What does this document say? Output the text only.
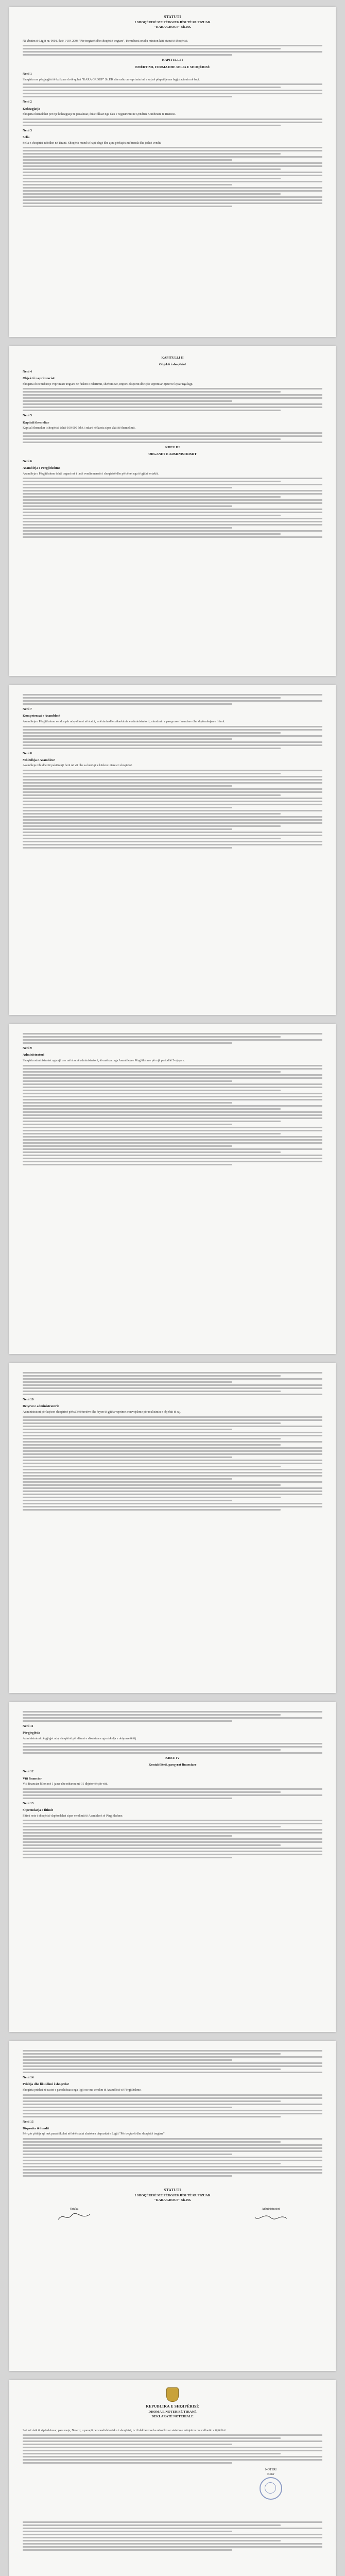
STATUTI
I SHOQËRISË ME PËRGJEGJËSI TË KUFIZUAR
"KARA GROUP" Sh.P.K

Në zbatim të Ligjit nr. 9901, datë 14.04.2008 "Për tregtarët dhe shoqëritë tregtare", themeluesi/ortaku miraton këtë statut të shoqërisë.

KAPITULLI I
EMËRTIMI, FORMA DHE SELIA E SHOQËRISË
Neni 1

Shoqëria me përgjegjësi të kufizuar do të quhet "KARA GROUP" Sh.P.K dhe ushtron veprimtarinë e saj në përputhje me legjislacionin në fuqi.

Neni 2
Kohëzgjatja

Shoqëria themelohet për një kohëzgjatje të pacaktuar, duke filluar nga data e regjistrimit në Qendrën Kombëtare të Biznesit.

Neni 3
Selia

Selia e shoqërisë ndodhet në Tiranë. Shoqëria mund të hapë degë dhe zyra përfaqësimi brenda dhe jashtë vendit.

KAPITULLI II
Objekti i shoqërisë
Neni 4
Objekti i veprimtarisë

Shoqëria do të ushtrojë veprimtari tregtare në fushën e ndërtimit, shërbimeve, import-eksportit dhe çdo veprimtari tjetër të lejuar nga ligji.

Neni 5
Kapitali themeltar

Kapitali themeltar i shoqërisë është 100 000 lekë, i ndarë në kuota sipas aktit të themelimit.

KREU III
ORGANET E ADMINISTRIMIT
Neni 6
Asambleja e Përgjithshme

Asambleja e Përgjithshme është organi më i lartë vendimmarrës i shoqërisë dhe përbëhet nga të gjithë ortakët.

Neni 7
Kompetencat e Asamblesë

Asambleja e Përgjithshme vendos për ndryshimet në statut, emërimin dhe shkarkimin e administratorit, miratimin e pasqyrave financiare dhe shpërndarjen e fitimit.

Neni 8
Mbledhja e Asamblesë

Asambleja mblidhet të paktën një herë në vit dhe sa herë që e kërkon interesi i shoqërisë.

Neni 9
Administratori

Shoqëria administrohet nga një ose më shumë administratorë, të emëruar nga Asambleja e Përgjithshme për një periudhë 5-vjeçare.

Neni 10
Detyrat e administratorit

Administratori përfaqëson shoqërinë përballë të tretëve dhe kryen të gjitha veprimet e nevojshme për realizimin e objektit të saj.

Neni 11
Përgjegjësia

Administratori përgjigjet ndaj shoqërisë për dëmet e shkaktuara nga shkelja e detyrave të tij.

KREU IV
Kontabiliteti, pasqyrat financiare
Neni 12
Viti financiar

Viti financiar fillon më 1 janar dhe mbaron më 31 dhjetor të çdo viti.

Neni 13
Shpërndarja e fitimit

Fitimi neto i shoqërisë shpërndahet sipas vendimit të Asamblesë së Përgjithshme.

Neni 14
Prishja dhe likuidimi i shoqërisë

Shoqëria prishet në rastet e parashikuara nga ligji ose me vendim të Asamblesë së Përgjithshme.

Neni 15
Dispozita të fundit

Për çdo çështje që nuk parashikohet në këtë statut zbatohen dispozitat e Ligjit "Për tregtarët dhe shoqëritë tregtare".

STATUTI
I SHOQËRISË ME PËRGJEGJËSI TË KUFIZUAR
"KARA GROUP" Sh.P.K
Ortaku	Administratori
REPUBLIKA E SHQIPËRISË
DHOMA E NOTERISË TIRANË
DEKLARATË NOTERIALE

Sot më datë të sipërshënuar, para meje, Noterit, u paraqit personalisht ortaku i shoqërisë, i cili deklaroi se ka nënshkruar statutin e mësipërm me vullnetin e tij të lirë.

NOTERI
Noter
